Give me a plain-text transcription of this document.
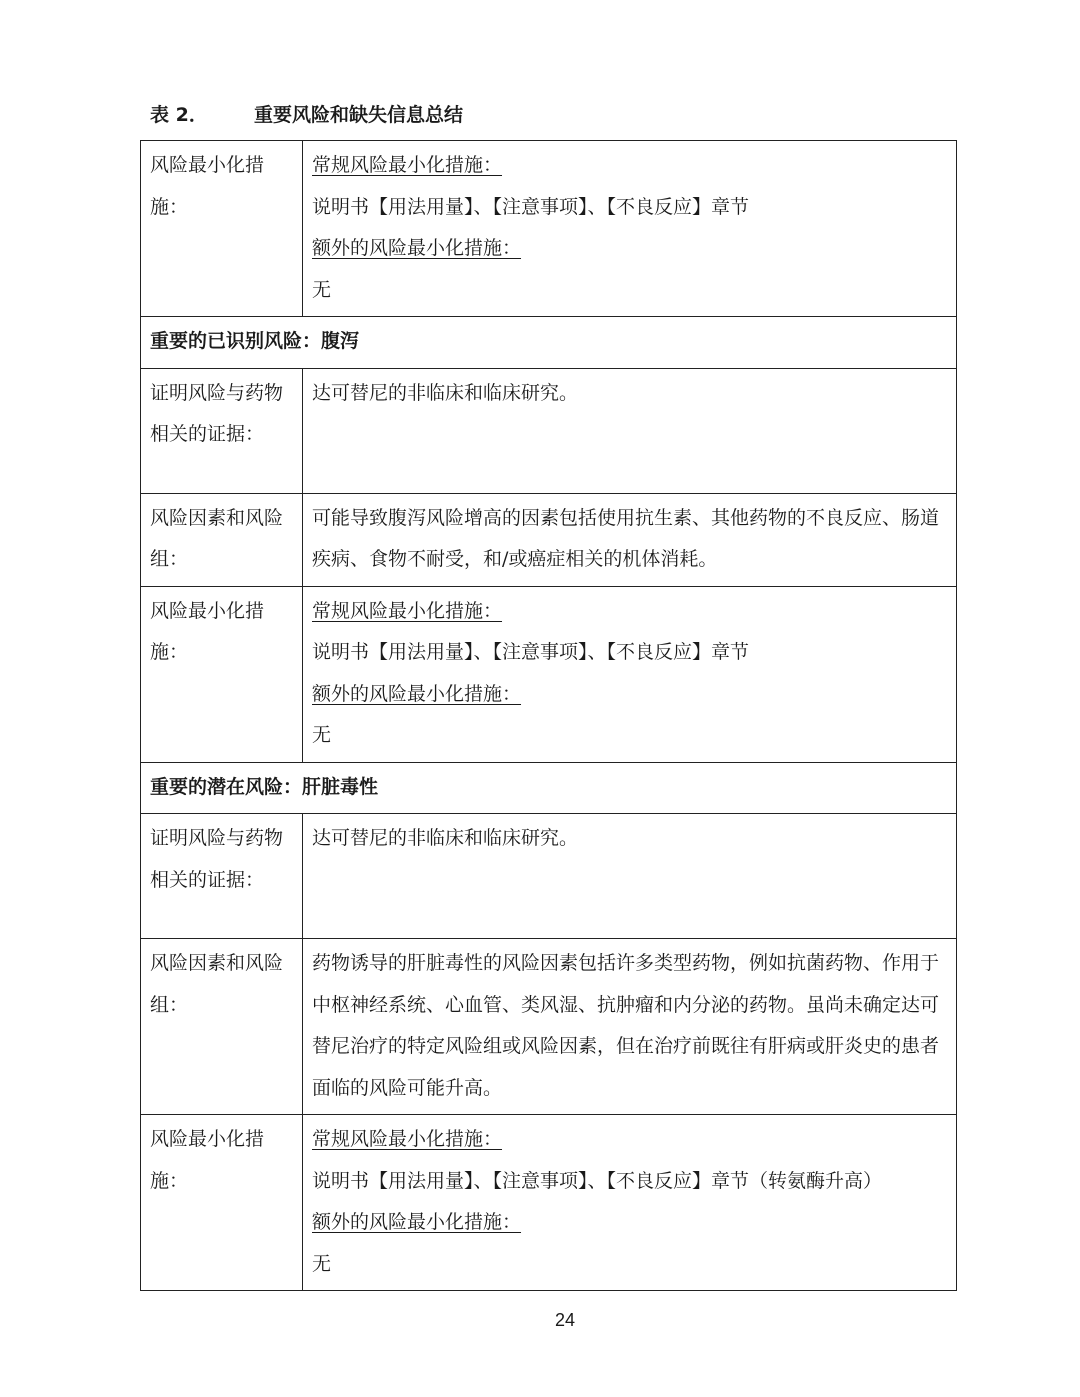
表 2． 重要风险和缺失信息总结
风险最小化措施：	常规风险最小化措施：
说明书【用法用量】、【注意事项】、【不良反应】章节
额外的风险最小化措施：
无

重要的已识别风险：腹泻	
证明风险与药物相关的证据：	达可替尼的非临床和临床研究。
风险因素和风险组：	可能导致腹泻风险增高的因素包括使用抗生素、其他药物的不良反应、肠道疾病、食物不耐受，和/或癌症相关的机体消耗。
风险最小化措施：	常规风险最小化措施：
说明书【用法用量】、【注意事项】、【不良反应】章节
额外的风险最小化措施：
无

重要的潜在风险：肝脏毒性	
证明风险与药物相关的证据：	达可替尼的非临床和临床研究。
风险因素和风险组：	药物诱导的肝脏毒性的风险因素包括许多类型药物，例如抗菌药物、作用于中枢神经系统、心血管、类风湿、抗肿瘤和内分泌的药物。虽尚未确定达可替尼治疗的特定风险组或风险因素，但在治疗前既往有肝病或肝炎史的患者面临的风险可能升高。
风险最小化措施：	常规风险最小化措施：
说明书【用法用量】、【注意事项】、【不良反应】章节（转氨酶升高）
额外的风险最小化措施：
无
24
